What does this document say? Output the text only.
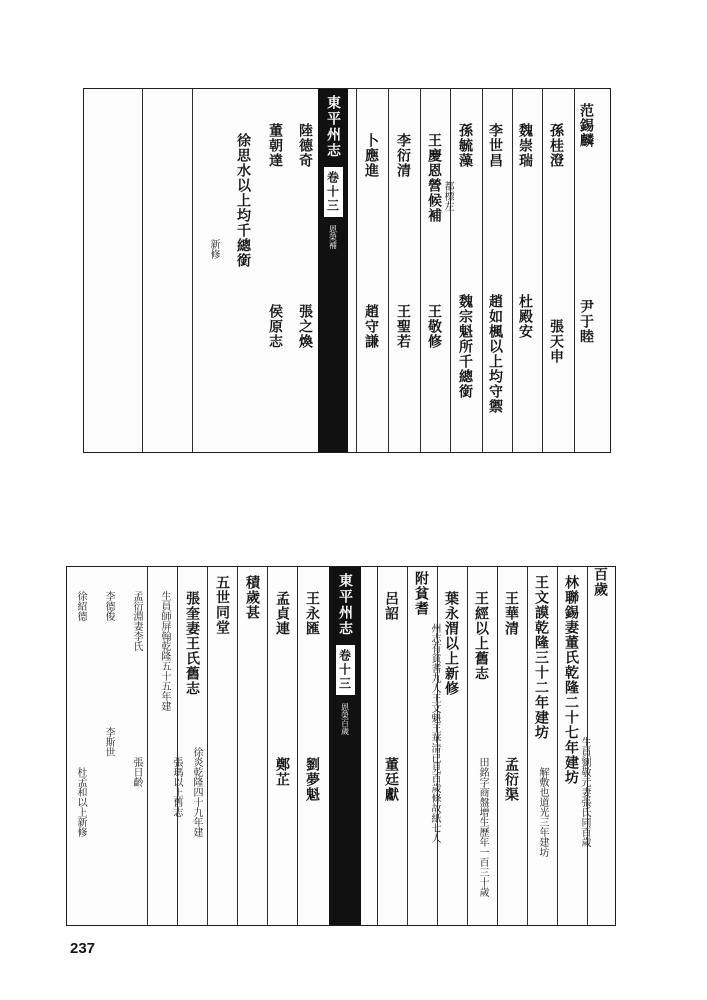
東平州志
卷十三
恩榮補
范錫麟
尹于睦
孫桂澄
張天申
魏崇瑞
杜殿安
李世昌
趙如楓以上均守禦
孫毓藻
魏宗魁所千總銜
王慶恩營候補 都標左
王敬修
李衍清
王聖若
卜應進
趙守謙
陸德奇
張之煥
董朝達
侯原志
徐思水以上均千總銜
新修
七
東平州志
卷十三
恩榮百歲
百歲
林聯錫妻董氏乾隆二十七年建坊
生員劉敬元妻張氏同百歲
王文謨乾隆三十二年建坊
解敷也道光三年建坊
王華清
孟衍渠
王經以上舊志
田銘字商盤增生歷年一百三十歲
葉永渭以上新修
附貧耆
州志有貧耆九人王文魁王華清已見百歲條故紙七人
呂詔
董廷獻
王永匯
劉夢魁
孟貞連
鄭芷
積歲甚
五世同堂
張奎妻王氏舊志
徐炎乾隆四十九年建
生員師屏翰乾隆五十五年建
張瑪以上舊志
孟衍淵妻李氏
張日齡
李德俊
李斯世
徐紹德
杜孟和以上新修
237
